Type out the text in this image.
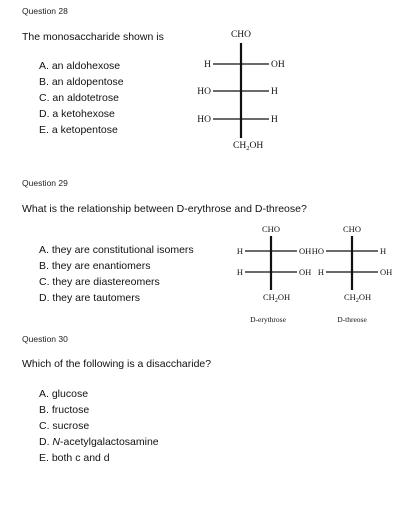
Question 28
The monosaccharide shown is
A. an aldohexose
B. an aldopentose
C. an aldotetrose
D. a ketohexose
E. a ketopentose
CHO
H	OH
HO	H
HO	H
$CH_2OH$
Question 29
What is the relationship between D-erythrose and D-threose?
A. they are constitutional isomers
B. they are enantiomers
C. they are diastereomers
D. they are tautomers
CHO
H	OH
H	OH
$CH_2OH$
D-erythrose
CHO
HO	H
H	OH
$CH_2OH$
D-threose
Question 30
Which of the following is a disaccharide?
A. glucose
B. fructose
C. sucrose
D. N-acetylgalactosamine
E. both c and d
